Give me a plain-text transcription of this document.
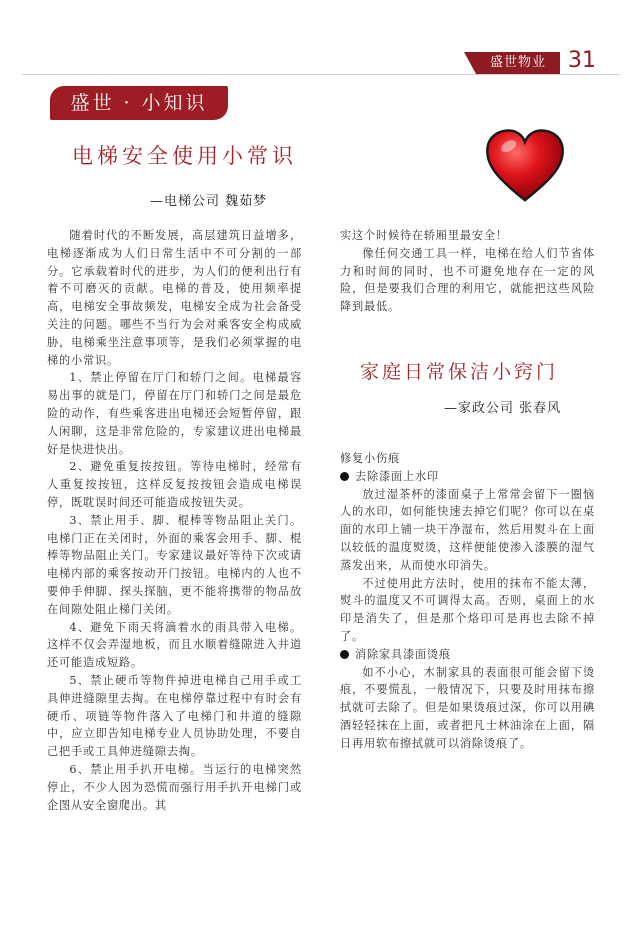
盛世物业	31
盛世 · 小知识
电梯安全使用小常识
—电梯公司 魏茹梦

随着时代的不断发展，高层建筑日益增多，电梯逐渐成为人们日常生活中不可分割的一部分。它承载着时代的进步，为人们的便利出行有着不可磨灭的贡献。电梯的普及，使用频率提高，电梯安全事故频发，电梯安全成为社会备受关注的问题。哪些不当行为会对乘客安全构成威胁，电梯乘坐注意事项等，是我们必须掌握的电梯的小常识。

1、禁止停留在厅门和轿门之间。电梯最容易出事的就是门，停留在厅门和轿门之间是最危险的动作，有些乘客进出电梯还会短暂停留，跟人闲聊，这是非常危险的，专家建议进出电梯最好是快进快出。

2、避免重复按按钮。等待电梯时，经常有人重复按按钮，这样反复按按钮会造成电梯误停，既耽误时间还可能造成按钮失灵。

3、禁止用手、脚、棍棒等物品阻止关门。电梯门正在关闭时，外面的乘客会用手、脚、棍棒等物品阻止关门。专家建议最好等待下次或请电梯内部的乘客按动开门按钮。电梯内的人也不要伸手伸脚、探头探脑，更不能将携带的物品放在间隙处阻止梯门关闭。

4、避免下雨天将滴着水的雨具带入电梯。这样不仅会弄湿地板，而且水顺着缝隙进入井道还可能造成短路。

5、禁止硬币等物件掉进电梯自己用手或工具伸进缝隙里去掏。在电梯停靠过程中有时会有硬币、项链等物件落入了电梯门和井道的缝隙中，应立即告知电梯专业人员协助处理，不要自己把手或工具伸进缝隙去掏。

6、禁止用手扒开电梯。当运行的电梯突然停止，不少人因为恐慌而强行用手扒开电梯门或企图从安全窗爬出。其

实这个时候待在轿厢里最安全！

像任何交通工具一样，电梯在给人们节省体力和时间的同时，也不可避免地存在一定的风险，但是要我们合理的利用它，就能把这些风险降到最低。

家庭日常保洁小窍门
—家政公司 张春风

修复小伤痕

去除漆面上水印

放过湿茶杯的漆面桌子上常常会留下一圈恼人的水印，如何能快速去掉它们呢？你可以在桌面的水印上铺一块干净湿布，然后用熨斗在上面以较低的温度熨烫，这样便能使渗入漆膜的湿气蒸发出来，从而使水印消失。

不过使用此方法时，使用的抹布不能太薄，熨斗的温度又不可调得太高。否则，桌面上的水印是消失了，但是那个烙印可是再也去除不掉了。

消除家具漆面烫痕

如不小心，木制家具的表面很可能会留下烫痕，不要慌乱，一般情况下，只要及时用抹布擦拭就可去除了。但是如果烫痕过深，你可以用碘酒轻轻抹在上面，或者把凡士林油涂在上面，隔日再用软布擦拭就可以消除烫痕了。
